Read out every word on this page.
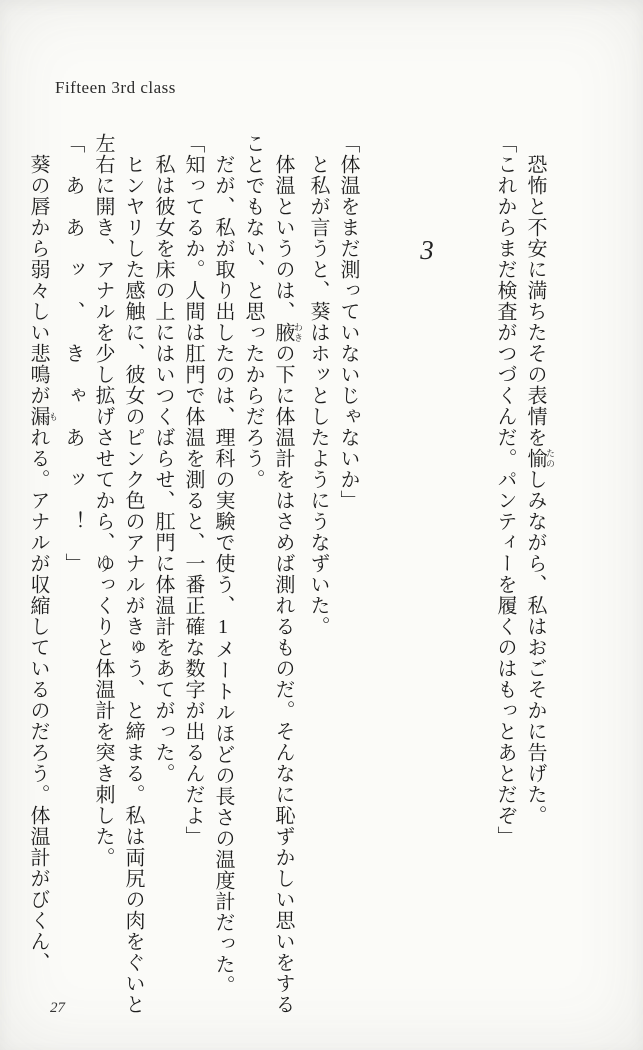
Fifteen 3rd class

　恐怖と不安に満ちたその表情を愉 たのしみながら、私はおごそかに告げた。

「これからまだ検査がつづくんだ。パンティーを履くのはもっとあとだぞ」

3

「体温をまだ測っていないじゃないか」

　と私が言うと、葵はホッとしたようにうなずいた。

　体温というのは、腋 わきの下に体温計をはさめば測れるものだ。そんなに恥ずかしい思いをすることでもない、と思ったからだろう。

　だが、私が取り出したのは、理科の実験で使う、1メートルほどの長さの温度計だった。

「知ってるか。人間は肛門で体温を測ると、一番正確な数字が出るんだよ」

　私は彼女を床の上にはいつくばらせ、肛門に体温計をあてがった。

　ヒンヤリした感触に、彼女のピンク色のアナルがきゅう、と締まる。私は両尻の肉をぐいと左右に開き、アナルを少し拡げさせてから、ゆっくりと体温計を突き刺した。

「ああッ、きゃあッ！」

　葵の唇から弱々しい悲鳴が漏 もれる。アナルが収縮しているのだろう。体温計がびくん、

27
